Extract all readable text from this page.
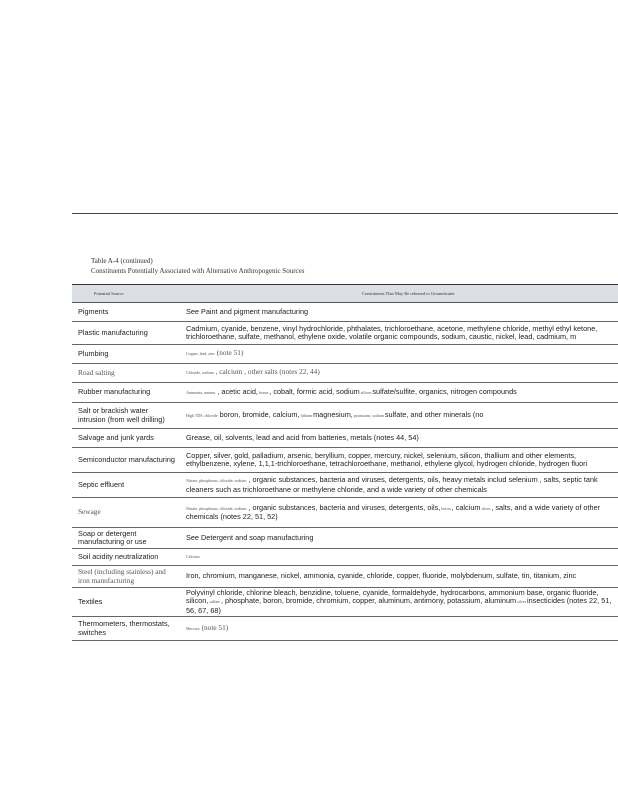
Table A-4 (continued)
Constituents Potentially Associated with Alternative Anthropogenic Sources
Potential Source	Constituents That May Be released to Groundwater
Pigments	See Paint and pigment manufacturing
Plastic manufacturing	Cadmium, cyanide, benzene, vinyl hydrochloride, phthalates, trichloroethane, acetone, methylene chloride, methyl ethyl ketone, trichloroethane, sulfate, methanol, ethylene oxide, volatile organic compounds, sodium, caustic, nickel, lead, cadmium, m
Plumbing	Copper, lead, zinc (note 51)
Road salting	Chloride, sodium , calcium , other salts (notes 22, 44)
Rubber manufacturing	Ammonia, amines , acetic acid, boron , cobalt, formic acid, sodium silicon sulfate/sulfite, organics, nitrogen compounds
Salt or brackish water intrusion (from well drilling)	High TDS, chloride boron, bromide, calcium, lithium magnesium, potassium, sodium sulfate, and other minerals (no
Salvage and junk yards	Grease, oil, solvents, lead and acid from batteries, metals (notes 44, 54)
Semiconductor manufacturing	Copper, silver, gold, palladium, arsenic, beryllium, copper, mercury, nickel, selenium, silicon, thallium and other elements, ethylbenzene, xylene, 1,1,1-trichloroethane, tetrachloroethane, methanol, ethylene glycol, hydrogen chloride, hydrogen fluori
Septic effluent	Nitrate, phosphorus, chloride, sodium , organic substances, bacteria and viruses, detergents, oils, heavy metals includ selenium , salts, septic tank cleaners such as trichloroethane or methylene chloride, and a wide variety of other chemicals
Sewage	Nitrate, phosphorus, chloride, sodium , organic substances, bacteria and viruses, detergents, oils, boron , calcium silver , salts, and a wide variety of other chemicals (notes 22, 51, 52)
Soap or detergent manufacturing or use	See Detergent and soap manufacturing
Soil acidity neutralization	Calcium
Steel (including stainless) and iron manufacturing	Iron, chromium, manganese, nickel, ammonia, cyanide, chloride, copper, fluoride, molybdenum, sulfate, tin, titanium, zinc
Textiles	Polyvinyl chloride, chlorine bleach, benzidine, toluene, cyanide, formaldehyde, hydrocarbons, ammonium base, organic fluoride, silicon, sulfate , phosphate, boron, bromide, chromium, copper, aluminum, antimony, potassium, aluminum silver insecticides (notes 22, 51, 56, 67, 68)
Thermometers, thermostats, switches	Mercury (note 51)
